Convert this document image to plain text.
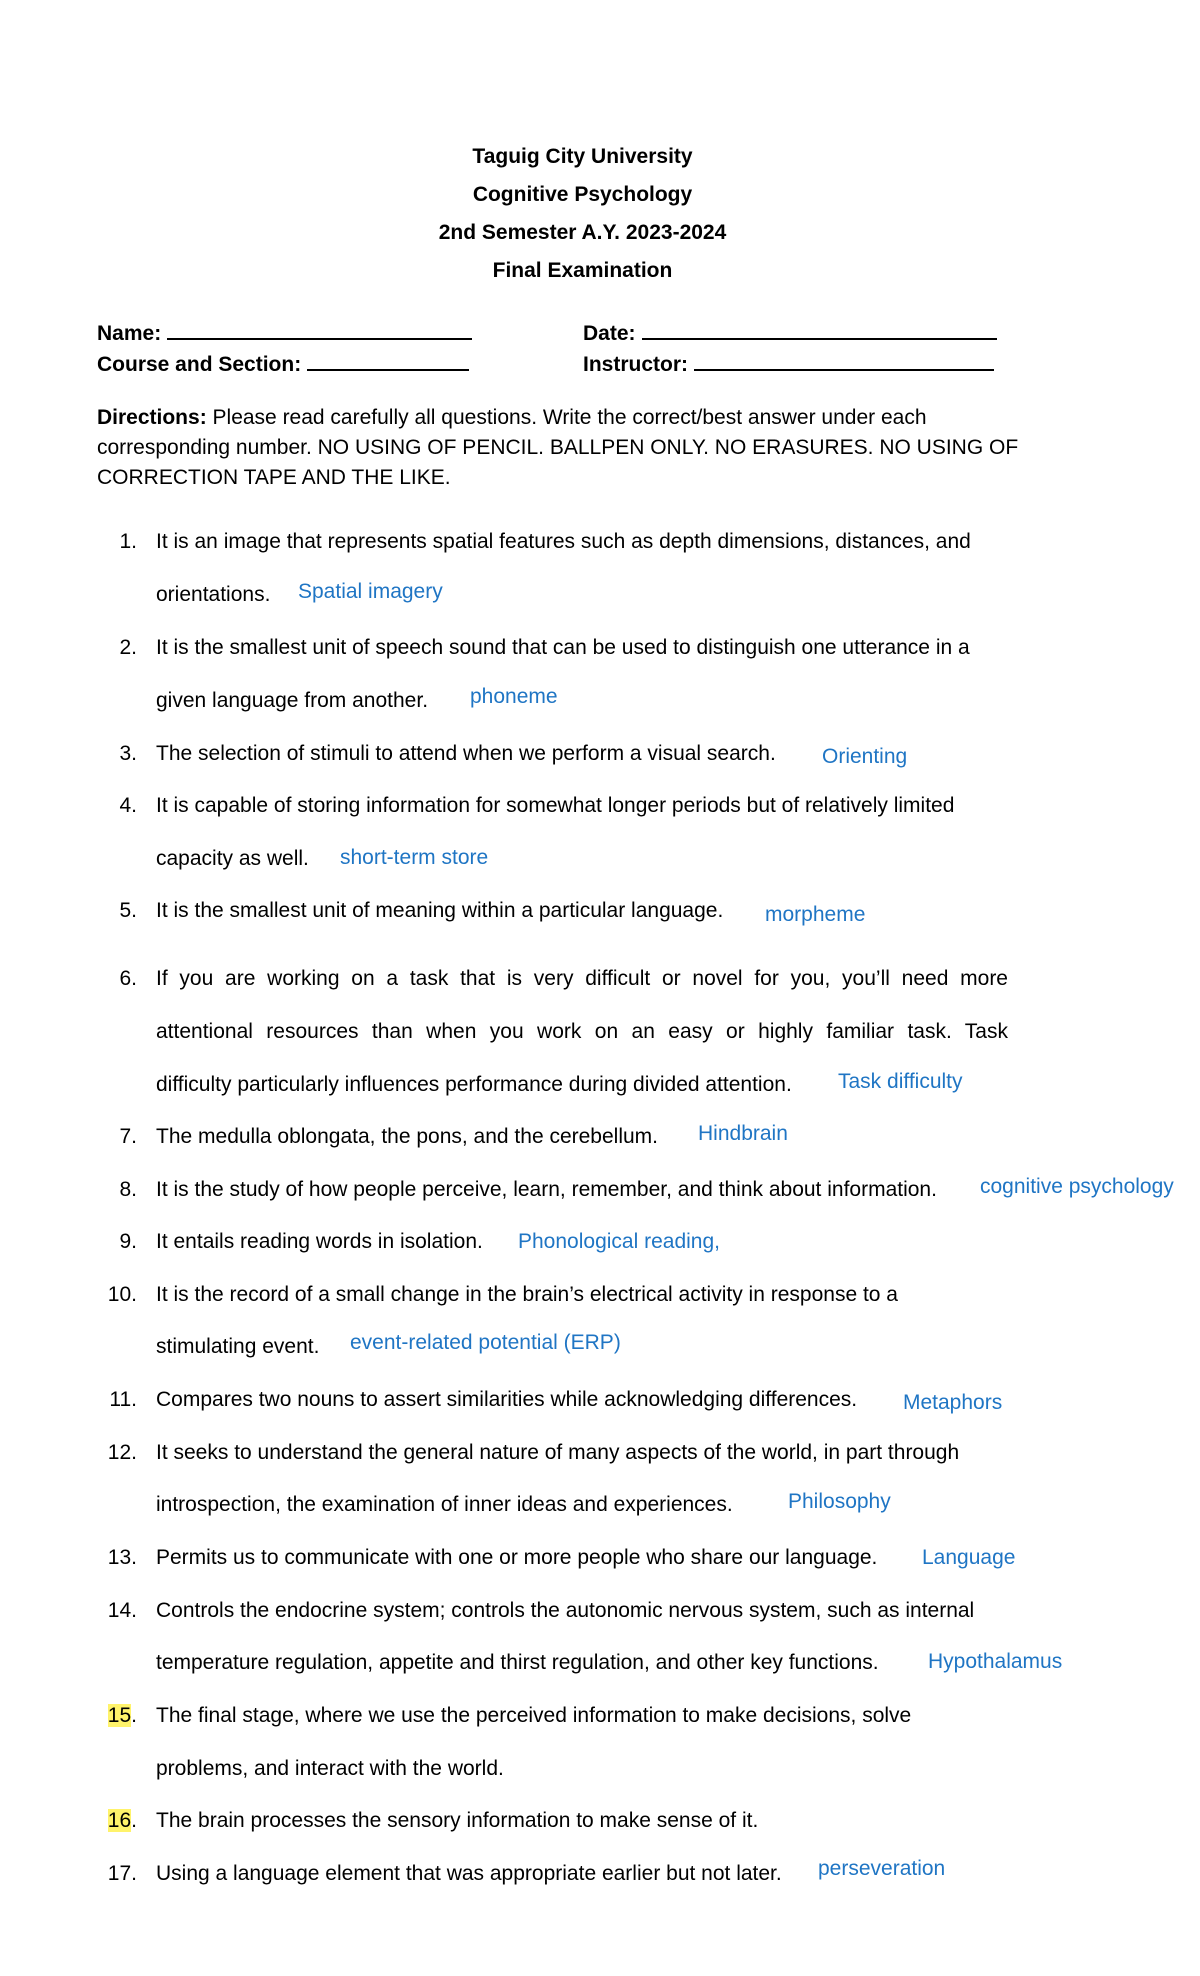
Taguig City University
Cognitive Psychology
2nd Semester A.Y. 2023-2024
Final Examination
Name:	Date:
Course and Section:	Instructor:
Directions: Please read carefully all questions. Write the correct/best answer under each corresponding number. NO USING OF PENCIL. BALLPEN ONLY. NO ERASURES. NO USING OF CORRECTION TAPE AND THE LIKE.
1. It is an image that represents spatial features such as depth dimensions, distances, and
orientations. Spatial imagery
2. It is the smallest unit of speech sound that can be used to distinguish one utterance in a
given language from another. phoneme
3. The selection of stimuli to attend when we perform a visual search. Orienting
4. It is capable of storing information for somewhat longer periods but of relatively limited
capacity as well. short-term store
5. It is the smallest unit of meaning within a particular language. morpheme
6. If you are working on a task that is very difficult or novel for you, you’ll need more
attentional resources than when you work on an easy or highly familiar task. Task
difficulty particularly influences performance during divided attention. Task difficulty
7. The medulla oblongata, the pons, and the cerebellum. Hindbrain
8. It is the study of how people perceive, learn, remember, and think about information. cognitive psychology
9. It entails reading words in isolation. Phonological reading,
10. It is the record of a small change in the brain’s electrical activity in response to a
stimulating event. event-related potential (ERP)
11. Compares two nouns to assert similarities while acknowledging differences. Metaphors
12. It seeks to understand the general nature of many aspects of the world, in part through
introspection, the examination of inner ideas and experiences.	Philosophy
13. Permits us to communicate with one or more people who share our language. Language
14. Controls the endocrine system; controls the autonomic nervous system, such as internal
temperature regulation, appetite and thirst regulation, and other key functions. Hypothalamus
15. The final stage, where we use the perceived information to make decisions, solve
problems, and interact with the world.
16. The brain processes the sensory information to make sense of it.
17. Using a language element that was appropriate earlier but not later. perseveration
